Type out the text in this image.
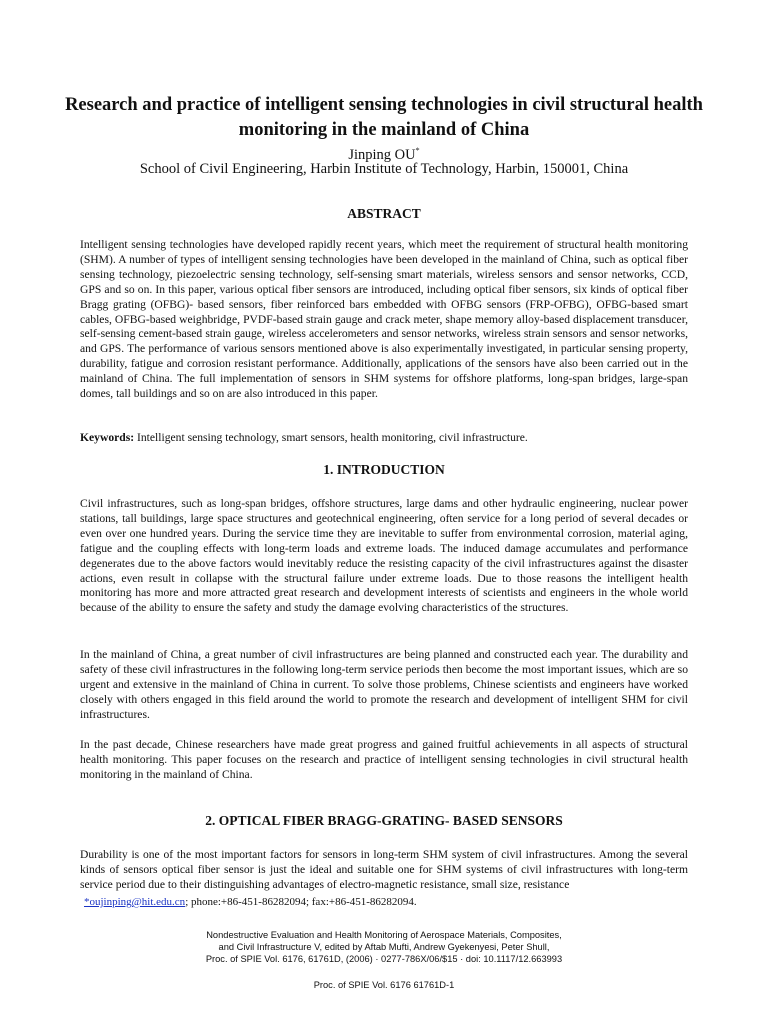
Research and practice of intelligent sensing technologies in civil structural health monitoring in the mainland of China

Jinping OU*

School of Civil Engineering, Harbin Institute of Technology, Harbin, 150001, China

ABSTRACT

Intelligent sensing technologies have developed rapidly recent years, which meet the requirement of structural health monitoring (SHM). A number of types of intelligent sensing technologies have been developed in the mainland of China, such as optical fiber sensing technology, piezoelectric sensing technology, self-sensing smart materials, wireless sensors and sensor networks, CCD, GPS and so on. In this paper, various optical fiber sensors are introduced, including optical fiber sensors, six kinds of optical fiber Bragg grating (OFBG)- based sensors, fiber reinforced bars embedded with OFBG sensors (FRP-OFBG), OFBG-based smart cables, OFBG-based weighbridge, PVDF-based strain gauge and crack meter, shape memory alloy-based displacement transducer, self-sensing cement-based strain gauge, wireless accelerometers and sensor networks, wireless strain sensors and sensor networks, and GPS. The performance of various sensors mentioned above is also experimentally investigated, in particular sensing property, durability, fatigue and corrosion resistant performance. Additionally, applications of the sensors have also been carried out in the mainland of China. The full implementation of sensors in SHM systems for offshore platforms, long-span bridges, large-span domes, tall buildings and so on are also introduced in this paper.

Keywords: Intelligent sensing technology, smart sensors, health monitoring, civil infrastructure.

1. INTRODUCTION

Civil infrastructures, such as long-span bridges, offshore structures, large dams and other hydraulic engineering, nuclear power stations, tall buildings, large space structures and geotechnical engineering, often service for a long period of several decades or even over one hundred years. During the service time they are inevitable to suffer from environmental corrosion, material aging, fatigue and the coupling effects with long-term loads and extreme loads. The induced damage accumulates and performance degenerates due to the above factors would inevitably reduce the resisting capacity of the civil infrastructures against the disaster actions, even result in collapse with the structural failure under extreme loads. Due to those reasons the intelligent health monitoring has more and more attracted great research and development interests of scientists and engineers in the whole world because of the ability to ensure the safety and study the damage evolving characteristics of the structures.

In the mainland of China, a great number of civil infrastructures are being planned and constructed each year. The durability and safety of these civil infrastructures in the following long-term service periods then become the most important issues, which are so urgent and extensive in the mainland of China in current. To solve those problems, Chinese scientists and engineers have worked closely with others engaged in this field around the world to promote the research and development of intelligent SHM for civil infrastructures.

In the past decade, Chinese researchers have made great progress and gained fruitful achievements in all aspects of structural health monitoring. This paper focuses on the research and practice of intelligent sensing technologies in civil structural health monitoring in the mainland of China.

2. OPTICAL FIBER BRAGG-GRATING- BASED SENSORS

Durability is one of the most important factors for sensors in long-term SHM system of civil infrastructures. Among the several kinds of sensors optical fiber sensor is just the ideal and suitable one for SHM systems of civil infrastructures with long-term service period due to their distinguishing advantages of electro-magnetic resistance, small size, resistance

*oujinping@hit.edu.cn; phone:+86-451-86282094; fax:+86-451-86282094.

Nondestructive Evaluation and Health Monitoring of Aerospace Materials, Composites,
and Civil Infrastructure V, edited by Aftab Mufti, Andrew Gyekenyesi, Peter Shull,
Proc. of SPIE Vol. 6176, 61761D, (2006) · 0277-786X/06/$15 · doi: 10.1117/12.663993

Proc. of SPIE Vol. 6176 61761D-1
